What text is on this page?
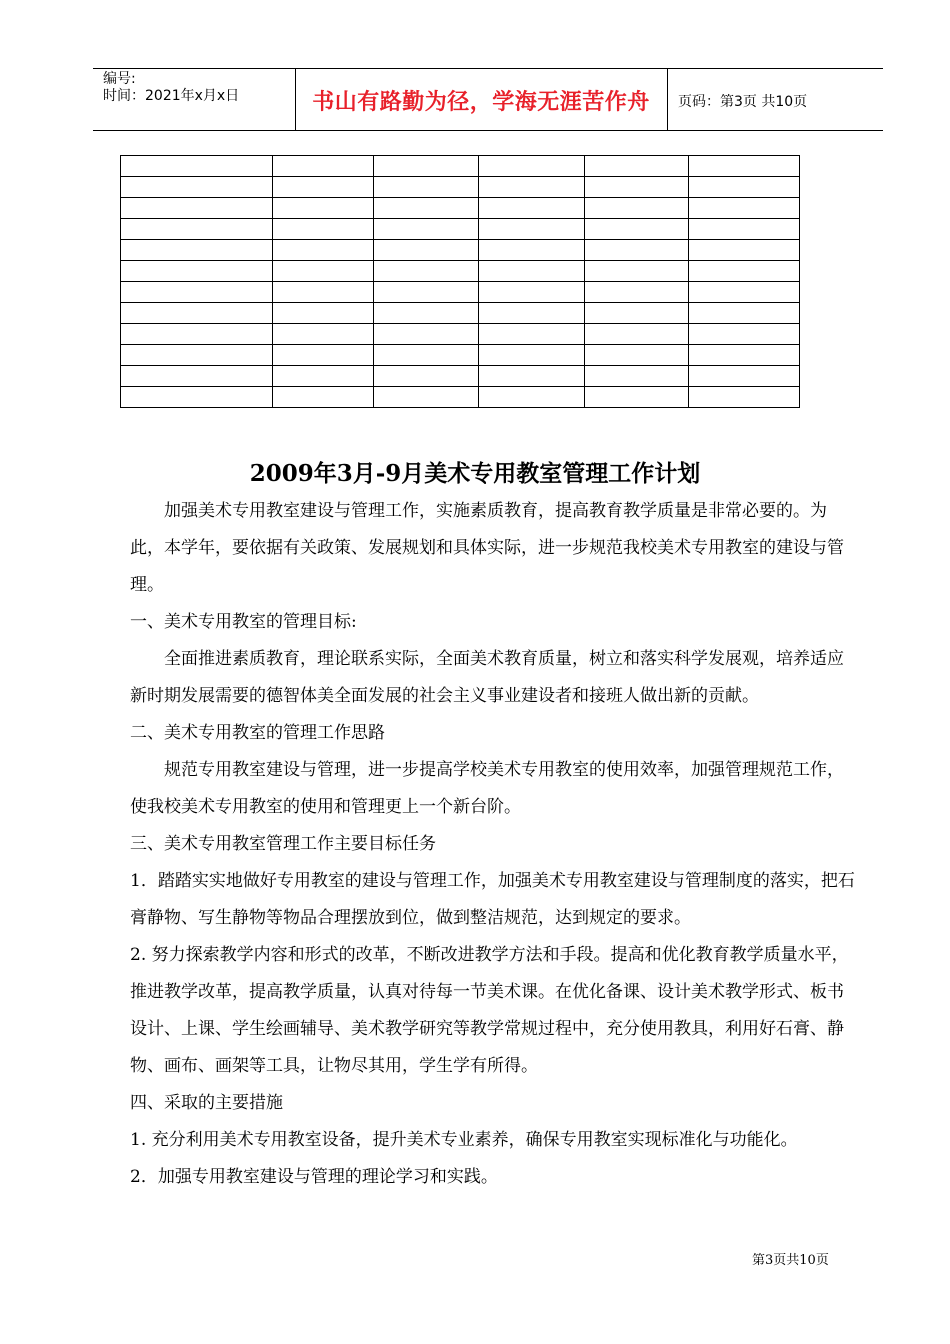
编号:
时间：2021年x月x日	书山有路勤为径，学海无涯苦作舟	页码：第3页 共10页

2009年3月-9月美术专用教室管理工作计划

加强美术专用教室建设与管理工作，实施素质教育，提高教育教学质量是非常必要的。为此，本学年，要依据有关政策、发展规划和具体实际，进一步规范我校美术专用教室的建设与管理。

一、美术专用教室的管理目标:

全面推进素质教育，理论联系实际，全面美术教育质量，树立和落实科学发展观，培养适应新时期发展需要的德智体美全面发展的社会主义事业建设者和接班人做出新的贡献。

二、美术专用教室的管理工作思路

规范专用教室建设与管理，进一步提高学校美术专用教室的使用效率，加强管理规范工作，使我校美术专用教室的使用和管理更上一个新台阶。

三、美术专用教室管理工作主要目标任务

1．踏踏实实地做好专用教室的建设与管理工作，加强美术专用教室建设与管理制度的落实，把石膏静物、写生静物等物品合理摆放到位，做到整洁规范，达到规定的要求。

2. 努力探索教学内容和形式的改革，不断改进教学方法和手段。提高和优化教育教学质量水平，推进教学改革，提高教学质量，认真对待每一节美术课。在优化备课、设计美术教学形式、板书设计、上课、学生绘画辅导、美术教学研究等教学常规过程中，充分使用教具，利用好石膏、静物、画布、画架等工具，让物尽其用，学生学有所得。

四、采取的主要措施

1. 充分利用美术专用教室设备，提升美术专业素养，确保专用教室实现标准化与功能化。

2．加强专用教室建设与管理的理论学习和实践。

第3页共10页
